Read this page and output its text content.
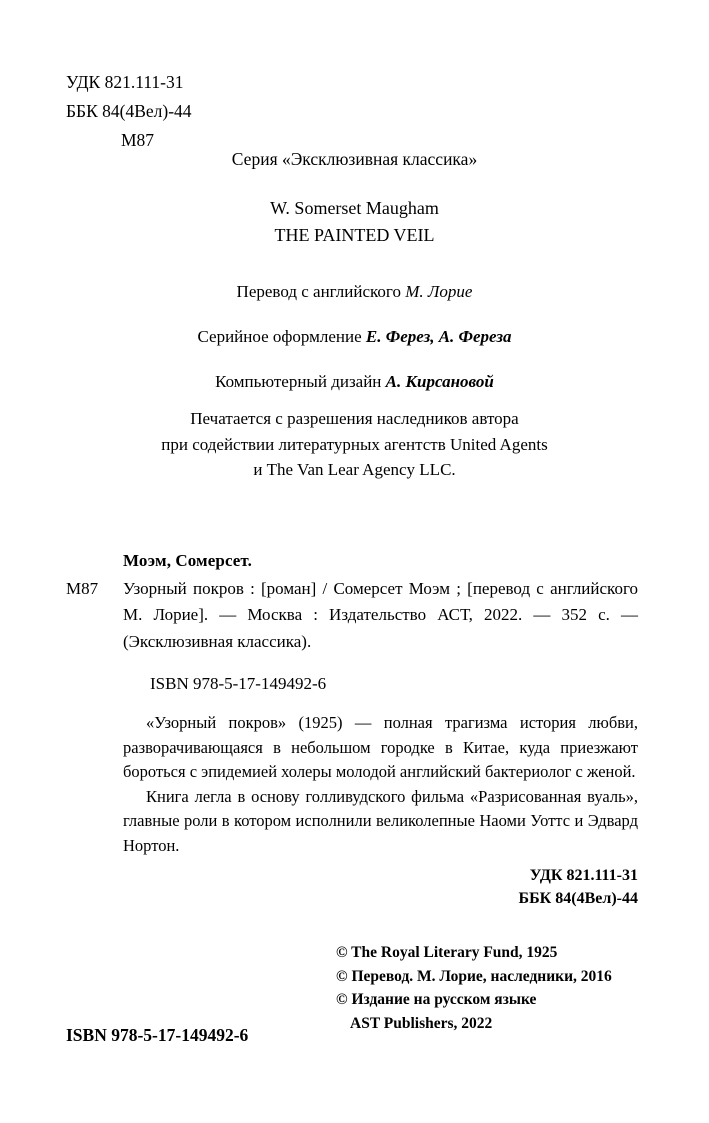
УДК 821.111-31
ББК 84(4Вел)-44
М87
Серия «Эксклюзивная классика»
W. Somerset Maugham
THE PAINTED VEIL
Перевод с английского М. Лорие
Серийное оформление Е. Ферез, А. Фереза
Компьютерный дизайн А. Кирсановой
Печатается с разрешения наследников автора
при содействии литературных агентств United Agents
и The Van Lear Agency LLC.
Моэм, Сомерсет.
М87	Узорный покров : [роман] / Сомерсет Моэм ; [перевод с английского М. Лорие]. — Москва : Издательство АСТ, 2022. — 352 с. — (Эксклюзивная классика).
ISBN 978-5-17-149492-6

«Узорный покров» (1925) — полная трагизма история любви, разворачивающаяся в небольшом городке в Китае, куда приезжают бороться с эпидемией холеры молодой английский бактериолог с женой.

Книга легла в основу голливудского фильма «Разрисованная вуаль», главные роли в котором исполнили великолепные Наоми Уоттс и Эдвард Нортон.

УДК 821.111-31
ББК 84(4Вел)-44
© The Royal Literary Fund, 1925
© Перевод. М. Лорие, наследники, 2016
© Издание на русском языке
AST Publishers, 2022
ISBN 978-5-17-149492-6
